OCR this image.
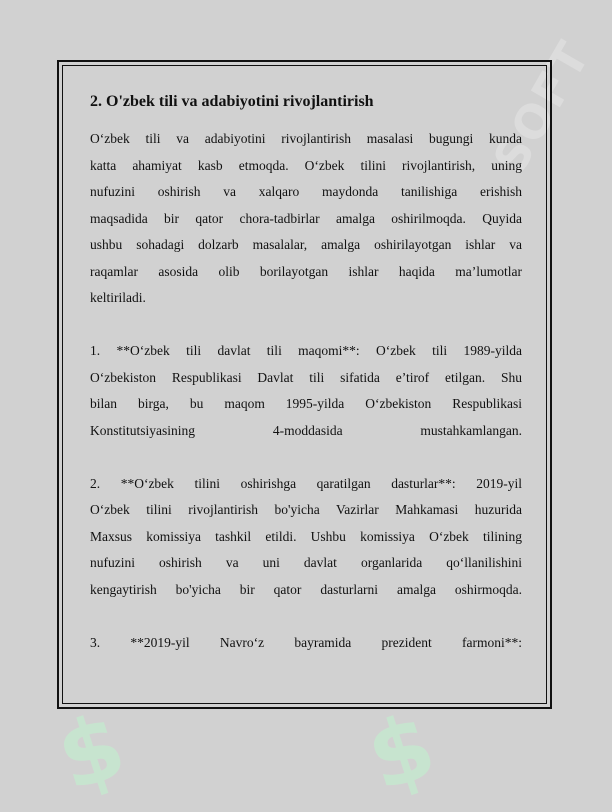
SOFT
$ $
2. O'zbek tili va adabiyotini rivojlantirish

O‘zbek tili va adabiyotini rivojlantirish masalasi bugungi kunda

katta ahamiyat kasb etmoqda. O‘zbek tilini rivojlantirish, uning

nufuzini oshirish va xalqaro maydonda tanilishiga erishish

maqsadida bir qator chora-tadbirlar amalga oshirilmoqda. Quyida

ushbu sohadagi dolzarb masalalar, amalga oshirilayotgan ishlar va

raqamlar asosida olib borilayotgan ishlar haqida ma’lumotlar

keltiriladi.

1. **O‘zbek tili davlat tili maqomi**: O‘zbek tili 1989-yilda

O‘zbekiston Respublikasi Davlat tili sifatida e’tirof etilgan. Shu

bilan birga, bu maqom 1995-yilda O‘zbekiston Respublikasi

Konstitutsiyasining 4-moddasida mustahkamlangan.

2. **O‘zbek tilini oshirishga qaratilgan dasturlar**: 2019-yil

O‘zbek tilini rivojlantirish bo'yicha Vazirlar Mahkamasi huzurida

Maxsus komissiya tashkil etildi. Ushbu komissiya O‘zbek tilining

nufuzini oshirish va uni davlat organlarida qo‘llanilishini

kengaytirish bo'yicha bir qator dasturlarni amalga oshirmoqda.

3. **2019-yil Navro‘z bayramida prezident farmoni**:
